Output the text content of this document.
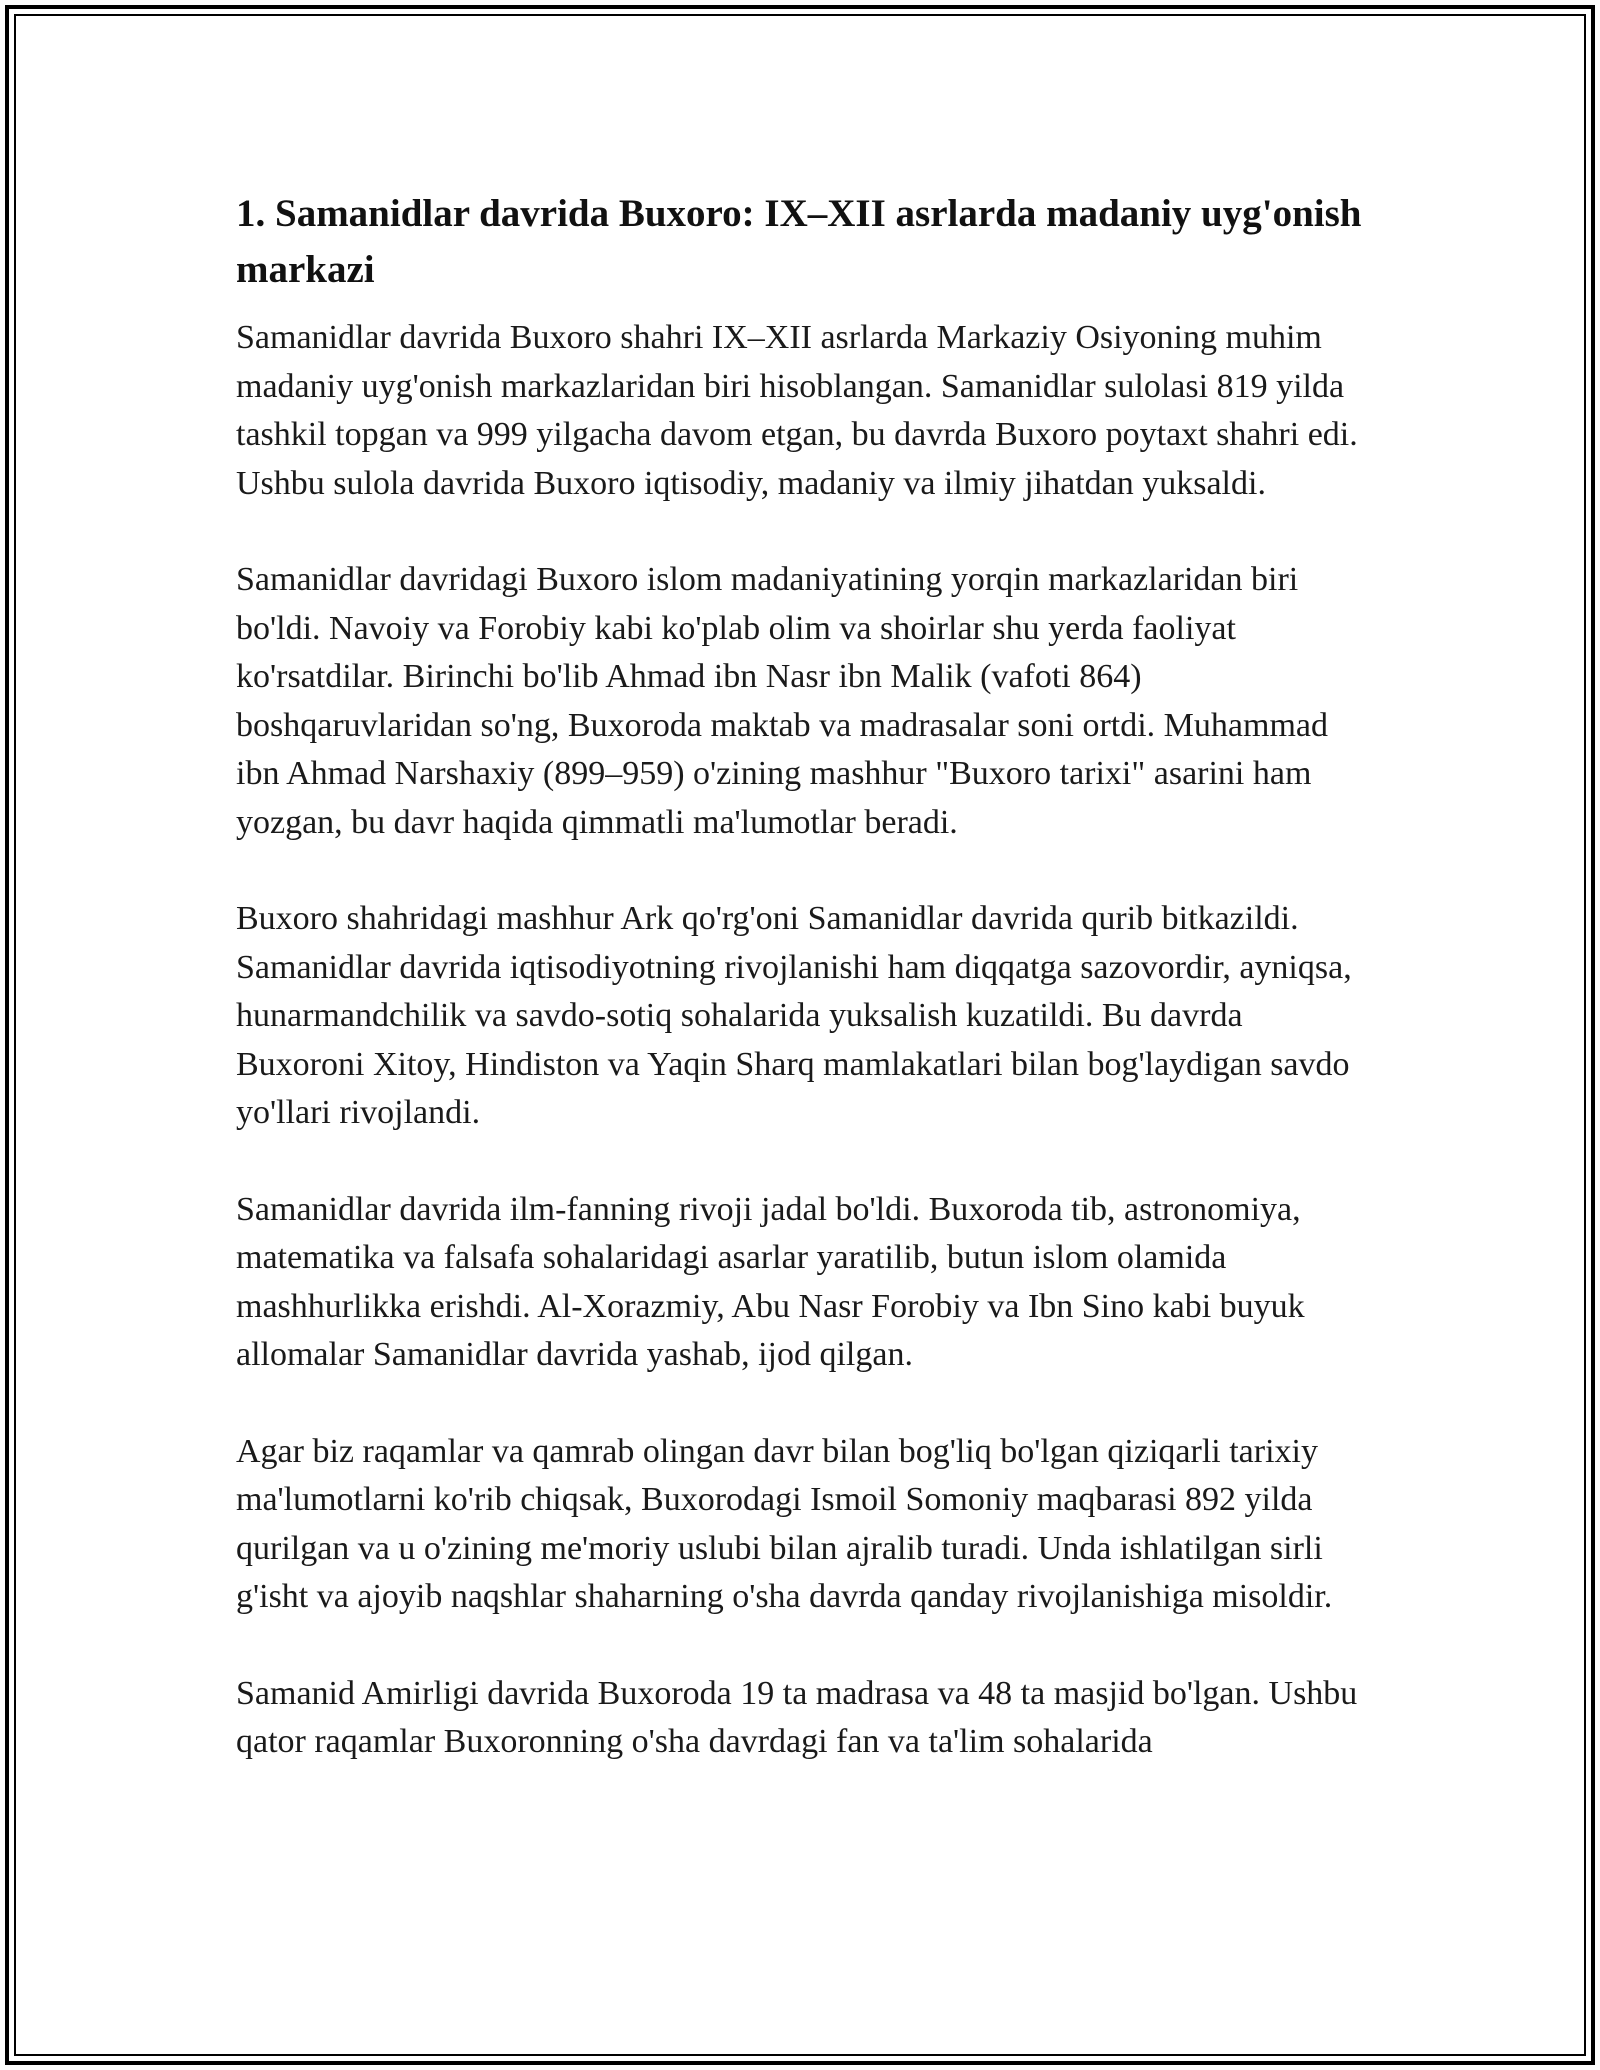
1. Samanidlar davrida Buxoro: IX–XII asrlarda madaniy uyg'onish markazi

Samanidlar davrida Buxoro shahri IX–XII asrlarda Markaziy Osiyoning muhim madaniy uyg'onish markazlaridan biri hisoblangan. Samanidlar sulolasi 819 yilda tashkil topgan va 999 yilgacha davom etgan, bu davrda Buxoro poytaxt shahri edi. Ushbu sulola davrida Buxoro iqtisodiy, madaniy va ilmiy jihatdan yuksaldi.

Samanidlar davridagi Buxoro islom madaniyatining yorqin markazlaridan biri bo'ldi. Navoiy va Forobiy kabi ko'plab olim va shoirlar shu yerda faoliyat ko'rsatdilar. Birinchi bo'lib Ahmad ibn Nasr ibn Malik (vafoti 864) boshqaruvlaridan so'ng, Buxoroda maktab va madrasalar soni ortdi. Muhammad ibn Ahmad Narshaxiy (899–959) o'zining mashhur "Buxoro tarixi" asarini ham yozgan, bu davr haqida qimmatli ma'lumotlar beradi.

Buxoro shahridagi mashhur Ark qo'rg'oni Samanidlar davrida qurib bitkazildi. Samanidlar davrida iqtisodiyotning rivojlanishi ham diqqatga sazovordir, ayniqsa, hunarmandchilik va savdo-sotiq sohalarida yuksalish kuzatildi. Bu davrda Buxoroni Xitoy, Hindiston va Yaqin Sharq mamlakatlari bilan bog'laydigan savdo yo'llari rivojlandi.

Samanidlar davrida ilm-fanning rivoji jadal bo'ldi. Buxoroda tib, astronomiya, matematika va falsafa sohalaridagi asarlar yaratilib, butun islom olamida mashhurlikka erishdi. Al-Xorazmiy, Abu Nasr Forobiy va Ibn Sino kabi buyuk allomalar Samanidlar davrida yashab, ijod qilgan.

Agar biz raqamlar va qamrab olingan davr bilan bog'liq bo'lgan qiziqarli tarixiy ma'lumotlarni ko'rib chiqsak, Buxorodagi Ismoil Somoniy maqbarasi 892 yilda qurilgan va u o'zining me'moriy uslubi bilan ajralib turadi. Unda ishlatilgan sirli g'isht va ajoyib naqshlar shaharning o'sha davrda qanday rivojlanishiga misoldir.

Samanid Amirligi davrida Buxoroda 19 ta madrasa va 48 ta masjid bo'lgan. Ushbu qator raqamlar Buxoronning o'sha davrdagi fan va ta'lim sohalarida
